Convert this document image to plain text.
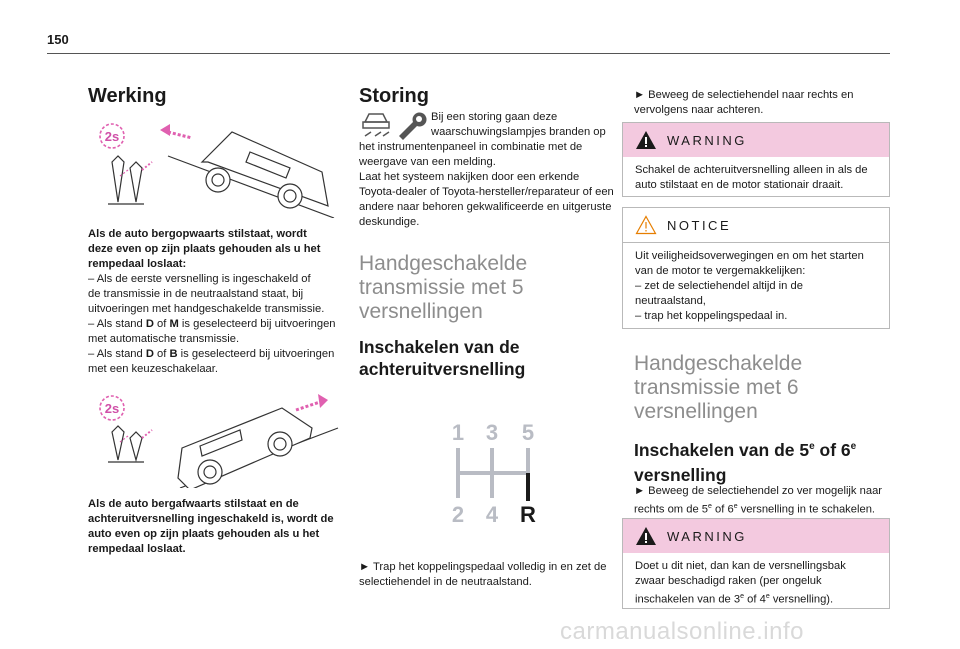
150
Werking
2s
Als de auto bergopwaarts stilstaat, wordt
deze even op zijn plaats gehouden als u het
rempedaal loslaat:
– Als de eerste versnelling is ingeschakeld of
de transmissie in de neutraalstand staat, bij
uitvoeringen met handgeschakelde transmissie.
– Als stand D of M is geselecteerd bij uitvoeringen
met automatische transmissie.
– Als stand D of B is geselecteerd bij uitvoeringen
met een keuzeschakelaar.
2s
Als de auto bergafwaarts stilstaat en de
achteruitversnelling ingeschakeld is, wordt de
auto even op zijn plaats gehouden als u het
rempedaal loslaat.
Storing
Bij een storing gaan deze
waarschuwingslampjes branden op
het instrumentenpaneel in combinatie met de
weergave van een melding.
Laat het systeem nakijken door een erkende
Toyota-dealer of Toyota-hersteller/reparateur of een
andere naar behoren gekwalificeerde en uitgeruste
deskundige.
Handgeschakelde
transmissie met 5
versnellingen
Inschakelen van de
achteruitversnelling
1 3 5
2 4 R
► Trap het koppelingspedaal volledig in en zet de
selectiehendel in de neutraalstand.
► Beweeg de selectiehendel naar rechts en
vervolgens naar achteren.
WARNING
Schakel de achteruitversnelling alleen in als de
auto stilstaat en de motor stationair draait.
NOTICE
Uit veiligheidsoverwegingen en om het starten
van de motor te vergemakkelijken:
– zet de selectiehendel altijd in de
neutraalstand,
– trap het koppelingspedaal in.
Handgeschakelde
transmissie met 6
versnellingen
Inschakelen van de 5e of 6e
versnelling
► Beweeg de selectiehendel zo ver mogelijk naar
rechts om de 5e of 6e versnelling in te schakelen.
WARNING
Doet u dit niet, dan kan de versnellingsbak
zwaar beschadigd raken (per ongeluk
inschakelen van de 3e of 4e versnelling).
carmanualsonline.info
